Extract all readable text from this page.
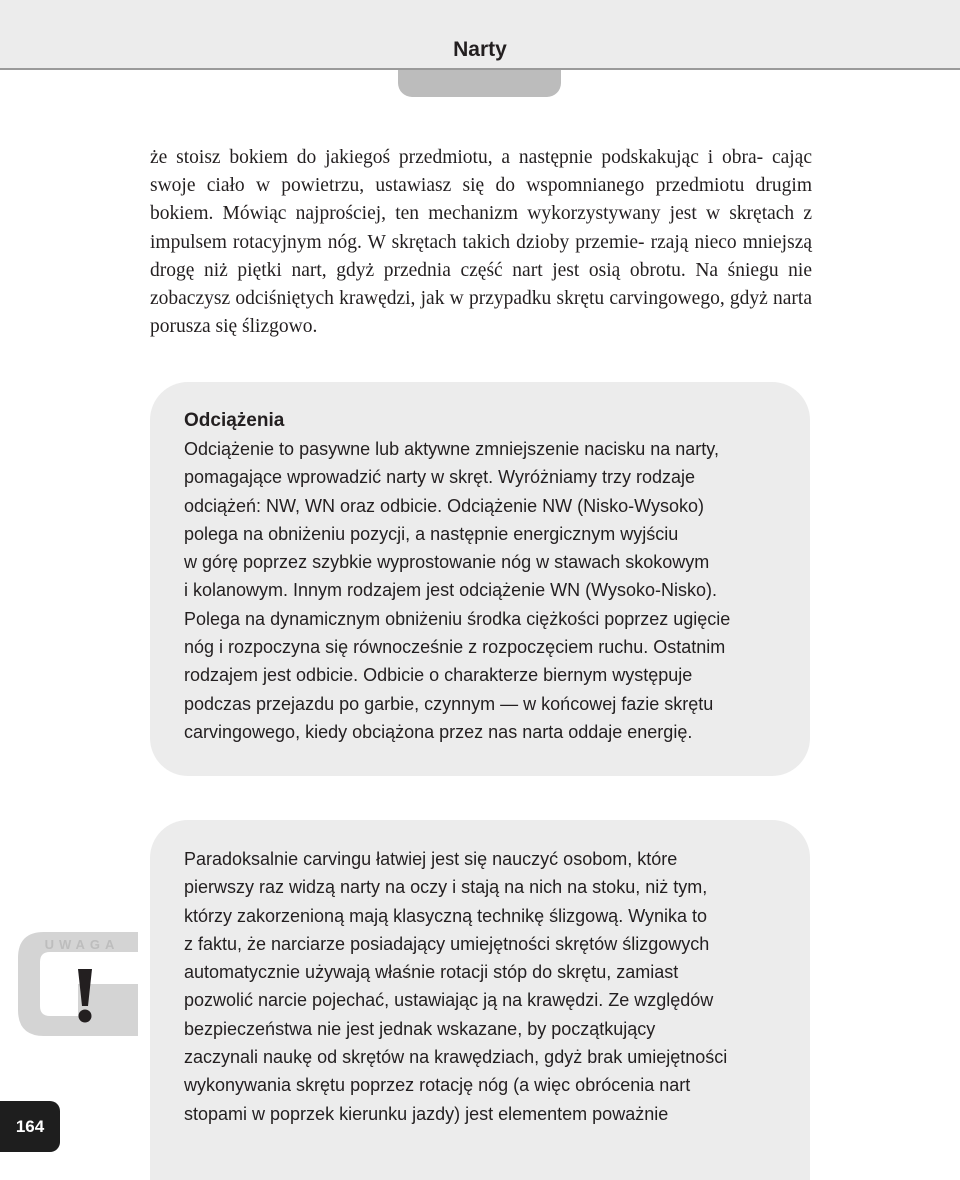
Narty

że stoisz bokiem do jakiegoś przedmiotu, a następnie podskakując i obra- cając swoje ciało w powietrzu, ustawiasz się do wspomnianego przedmiotu drugim bokiem. Mówiąc najprościej, ten mechanizm wykorzystywany jest w skrętach z impulsem rotacyjnym nóg. W skrętach takich dzioby przemie- rzają nieco mniejszą drogę niż piętki nart, gdyż przednia część nart jest osią obrotu. Na śniegu nie zobaczysz odciśniętych krawędzi, jak w przypadku skrętu carvingowego, gdyż narta porusza się ślizgowo.

Odciążenia
Odciążenie to pasywne lub aktywne zmniejszenie nacisku na narty,
pomagające wprowadzić narty w skręt. Wyróżniamy trzy rodzaje
odciążeń: NW, WN oraz odbicie. Odciążenie NW (Nisko-Wysoko)
polega na obniżeniu pozycji, a następnie energicznym wyjściu
w górę poprzez szybkie wyprostowanie nóg w stawach skokowym
i kolanowym. Innym rodzajem jest odciążenie WN (Wysoko-Nisko).
Polega na dynamicznym obniżeniu środka ciężkości poprzez ugięcie
nóg i rozpoczyna się równocześnie z rozpoczęciem ruchu. Ostatnim
rodzajem jest odbicie. Odbicie o charakterze biernym występuje
podczas przejazdu po garbie, czynnym — w końcowej fazie skrętu
carvingowego, kiedy obciążona przez nas narta oddaje energię.
Paradoksalnie carvingu łatwiej jest się nauczyć osobom, które
pierwszy raz widzą narty na oczy i stają na nich na stoku, niż tym,
którzy zakorzenioną mają klasyczną technikę ślizgową. Wynika to
z faktu, że narciarze posiadający umiejętności skrętów ślizgowych
automatycznie używają właśnie rotacji stóp do skrętu, zamiast
pozwolić narcie pojechać, ustawiając ją na krawędzi. Ze względów
bezpieczeństwa nie jest jednak wskazane, by początkujący
zaczynali naukę od skrętów na krawędziach, gdyż brak umiejętności
wykonywania skrętu poprzez rotację nóg (a więc obrócenia nart
stopami w poprzek kierunku jazdy) jest elementem poważnie
UWAGA
164
